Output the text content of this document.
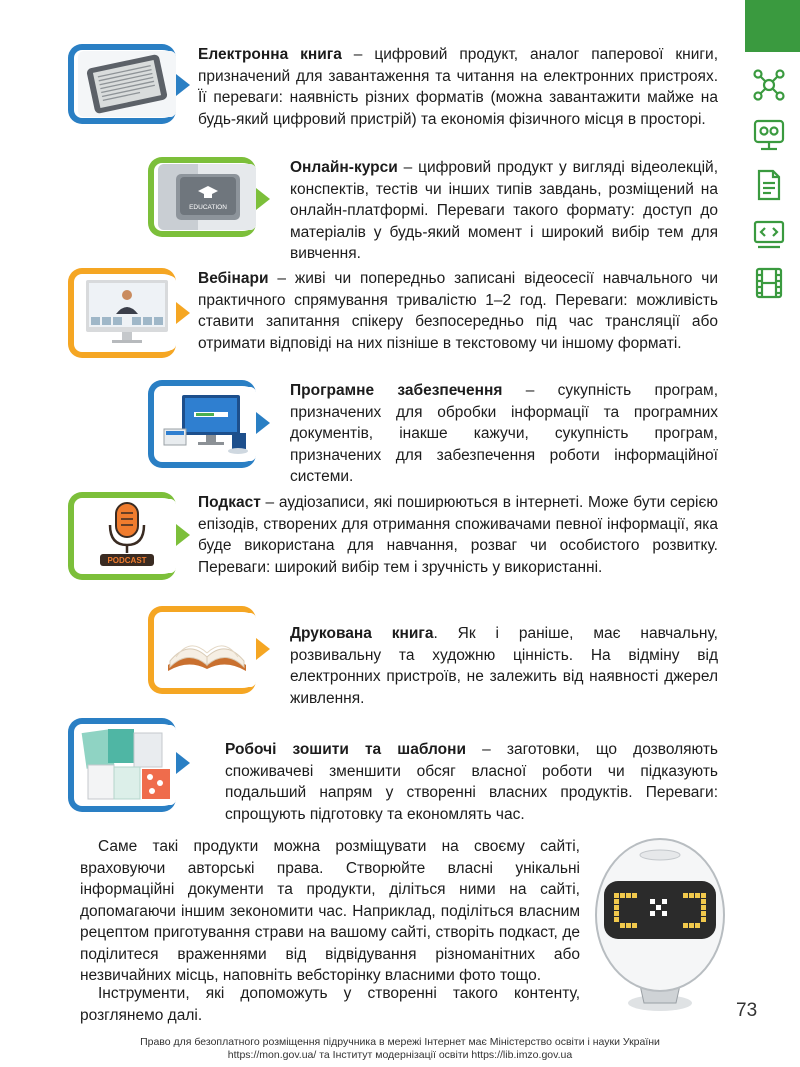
Електронна книга – цифровий продукт, аналог паперової книги, призначений для завантаження та читання на електронних пристроях. Її переваги: наявність різних форматів (можна завантажити майже на будь-який цифровий пристрій) та економія фізичного місця в просторі.
EDUCATION
Онлайн-курси – цифровий продукт у вигляді відеолекцій, конспектів, тестів чи інших типів завдань, розміщений на онлайн-платформі. Переваги такого формату: доступ до матеріалів у будь-який момент і широкий вибір тем для вивчення.
Вебінари – живі чи попередньо записані відеосесії навчального чи практичного спрямування тривалістю 1–2 год. Переваги: можливість ставити запитання спікеру безпосередньо під час трансляції або отримати відповіді на них пізніше в текстовому чи іншому форматі.
Програмне забезпечення – сукупність програм, призначених для обробки інформації та програмних документів, інакше кажучи, сукупність програм, призначених для забезпечення роботи інформаційної системи.
PODCAST
Подкаст – аудіозаписи, які поширюються в інтернеті. Може бути серією епізодів, створених для отримання споживачами певної інформації, яка буде використана для навчання, розваг чи особистого розвитку. Переваги: широкий вибір тем і зручність у використанні.
Друкована книга. Як і раніше, має навчальну, розвивальну та художню цінність. На відміну від електронних пристроїв, не залежить від наявності джерел живлення.
Робочі зошити та шаблони – заготовки, що дозволяють споживачеві зменшити обсяг власної роботи чи підказують подальший напрям у створенні власних продуктів. Переваги: спрощують підготовку та економлять час.
Саме такі продукти можна розміщувати на своєму сайті, враховуючи авторські права. Створюйте власні унікальні інформаційні документи та продукти, діліться ними на сайті, допомагаючи іншим зекономити час. Наприклад, поділіться власним рецептом приготування страви на вашому сайті, створіть подкаст, де поділитеся враженнями від відвідування різноманітних або незвичайних місць, наповніть вебсторінку власними фото тощо.
Інструменти, які допоможуть у створенні такого контенту, розглянемо далі.	73
Право для безоплатного розміщення підручника в мережі Інтернет має Міністерство освіти і науки України
https://mon.gov.ua/ та Інститут модернізації освіти https://lib.imzo.gov.ua
